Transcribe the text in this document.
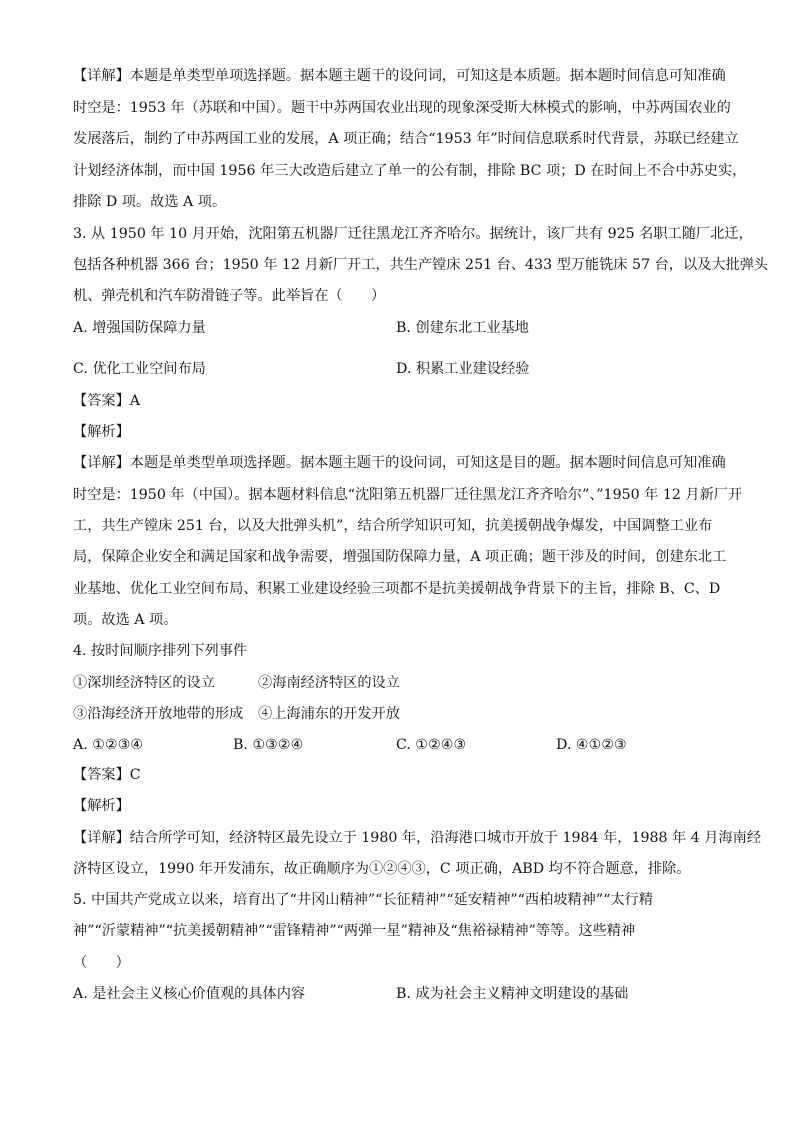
【详解】本题是单类型单项选择题。据本题主题干的设问词，可知这是本质题。据本题时间信息可知准确
时空是：1953 年（苏联和中国）。题干中苏两国农业出现的现象深受斯大林模式的影响，中苏两国农业的
发展落后，制约了中苏两国工业的发展，A 项正确；结合“1953 年”时间信息联系时代背景，苏联已经建立
计划经济体制，而中国 1956 年三大改造后建立了单一的公有制，排除 BC 项；D 在时间上不合中苏史实，
排除 D 项。故选 A 项。
3. 从 1950 年 10 月开始，沈阳第五机器厂迁往黑龙江齐齐哈尔。据统计，该厂共有 925 名职工随厂北迁，
包括各种机器 366 台；1950 年 12 月新厂开工，共生产镗床 251 台、433 型万能铣床 57 台，以及大批弹头
机、弹壳机和汽车防滑链子等。此举旨在（　　）
A. 增强国防保障力量	B. 创建东北工业基地
C. 优化工业空间布局	D. 积累工业建设经验
【答案】A
【解析】
【详解】本题是单类型单项选择题。据本题主题干的设问词，可知这是目的题。据本题时间信息可知准确
时空是：1950 年（中国）。据本题材料信息“沈阳第五机器厂迁往黑龙江齐齐哈尔”、”1950 年 12 月新厂开
工，共生产镗床 251 台，以及大批弹头机”，结合所学知识可知，抗美援朝战争爆发，中国调整工业布
局，保障企业安全和满足国家和战争需要，增强国防保障力量，A 项正确；题干涉及的时间，创建东北工
业基地、优化工业空间布局、积累工业建设经验三项都不是抗美援朝战争背景下的主旨，排除 B、C、D
项。故选 A 项。
4. 按时间顺序排列下列事件
①深圳经济特区的设立	②海南经济特区的设立
③沿海经济开放地带的形成 ④上海浦东的开发开放
A. ①②③④	B. ①③②④	C. ①②④③	D. ④①②③
【答案】C
【解析】
【详解】结合所学可知，经济特区最先设立于 1980 年，沿海港口城市开放于 1984 年，1988 年 4 月海南经
济特区设立，1990 年开发浦东，故正确顺序为①②④③，C 项正确，ABD 均不符合题意，排除。
5. 中国共产党成立以来，培育出了“井冈山精神”“长征精神”“延安精神”“西柏坡精神”“太行精
神”“沂蒙精神”“抗美援朝精神”“雷锋精神”“两弹一星”精神及“焦裕禄精神”等等。这些精神
（　　）
A. 是社会主义核心价值观的具体内容	B. 成为社会主义精神文明建设的基础
